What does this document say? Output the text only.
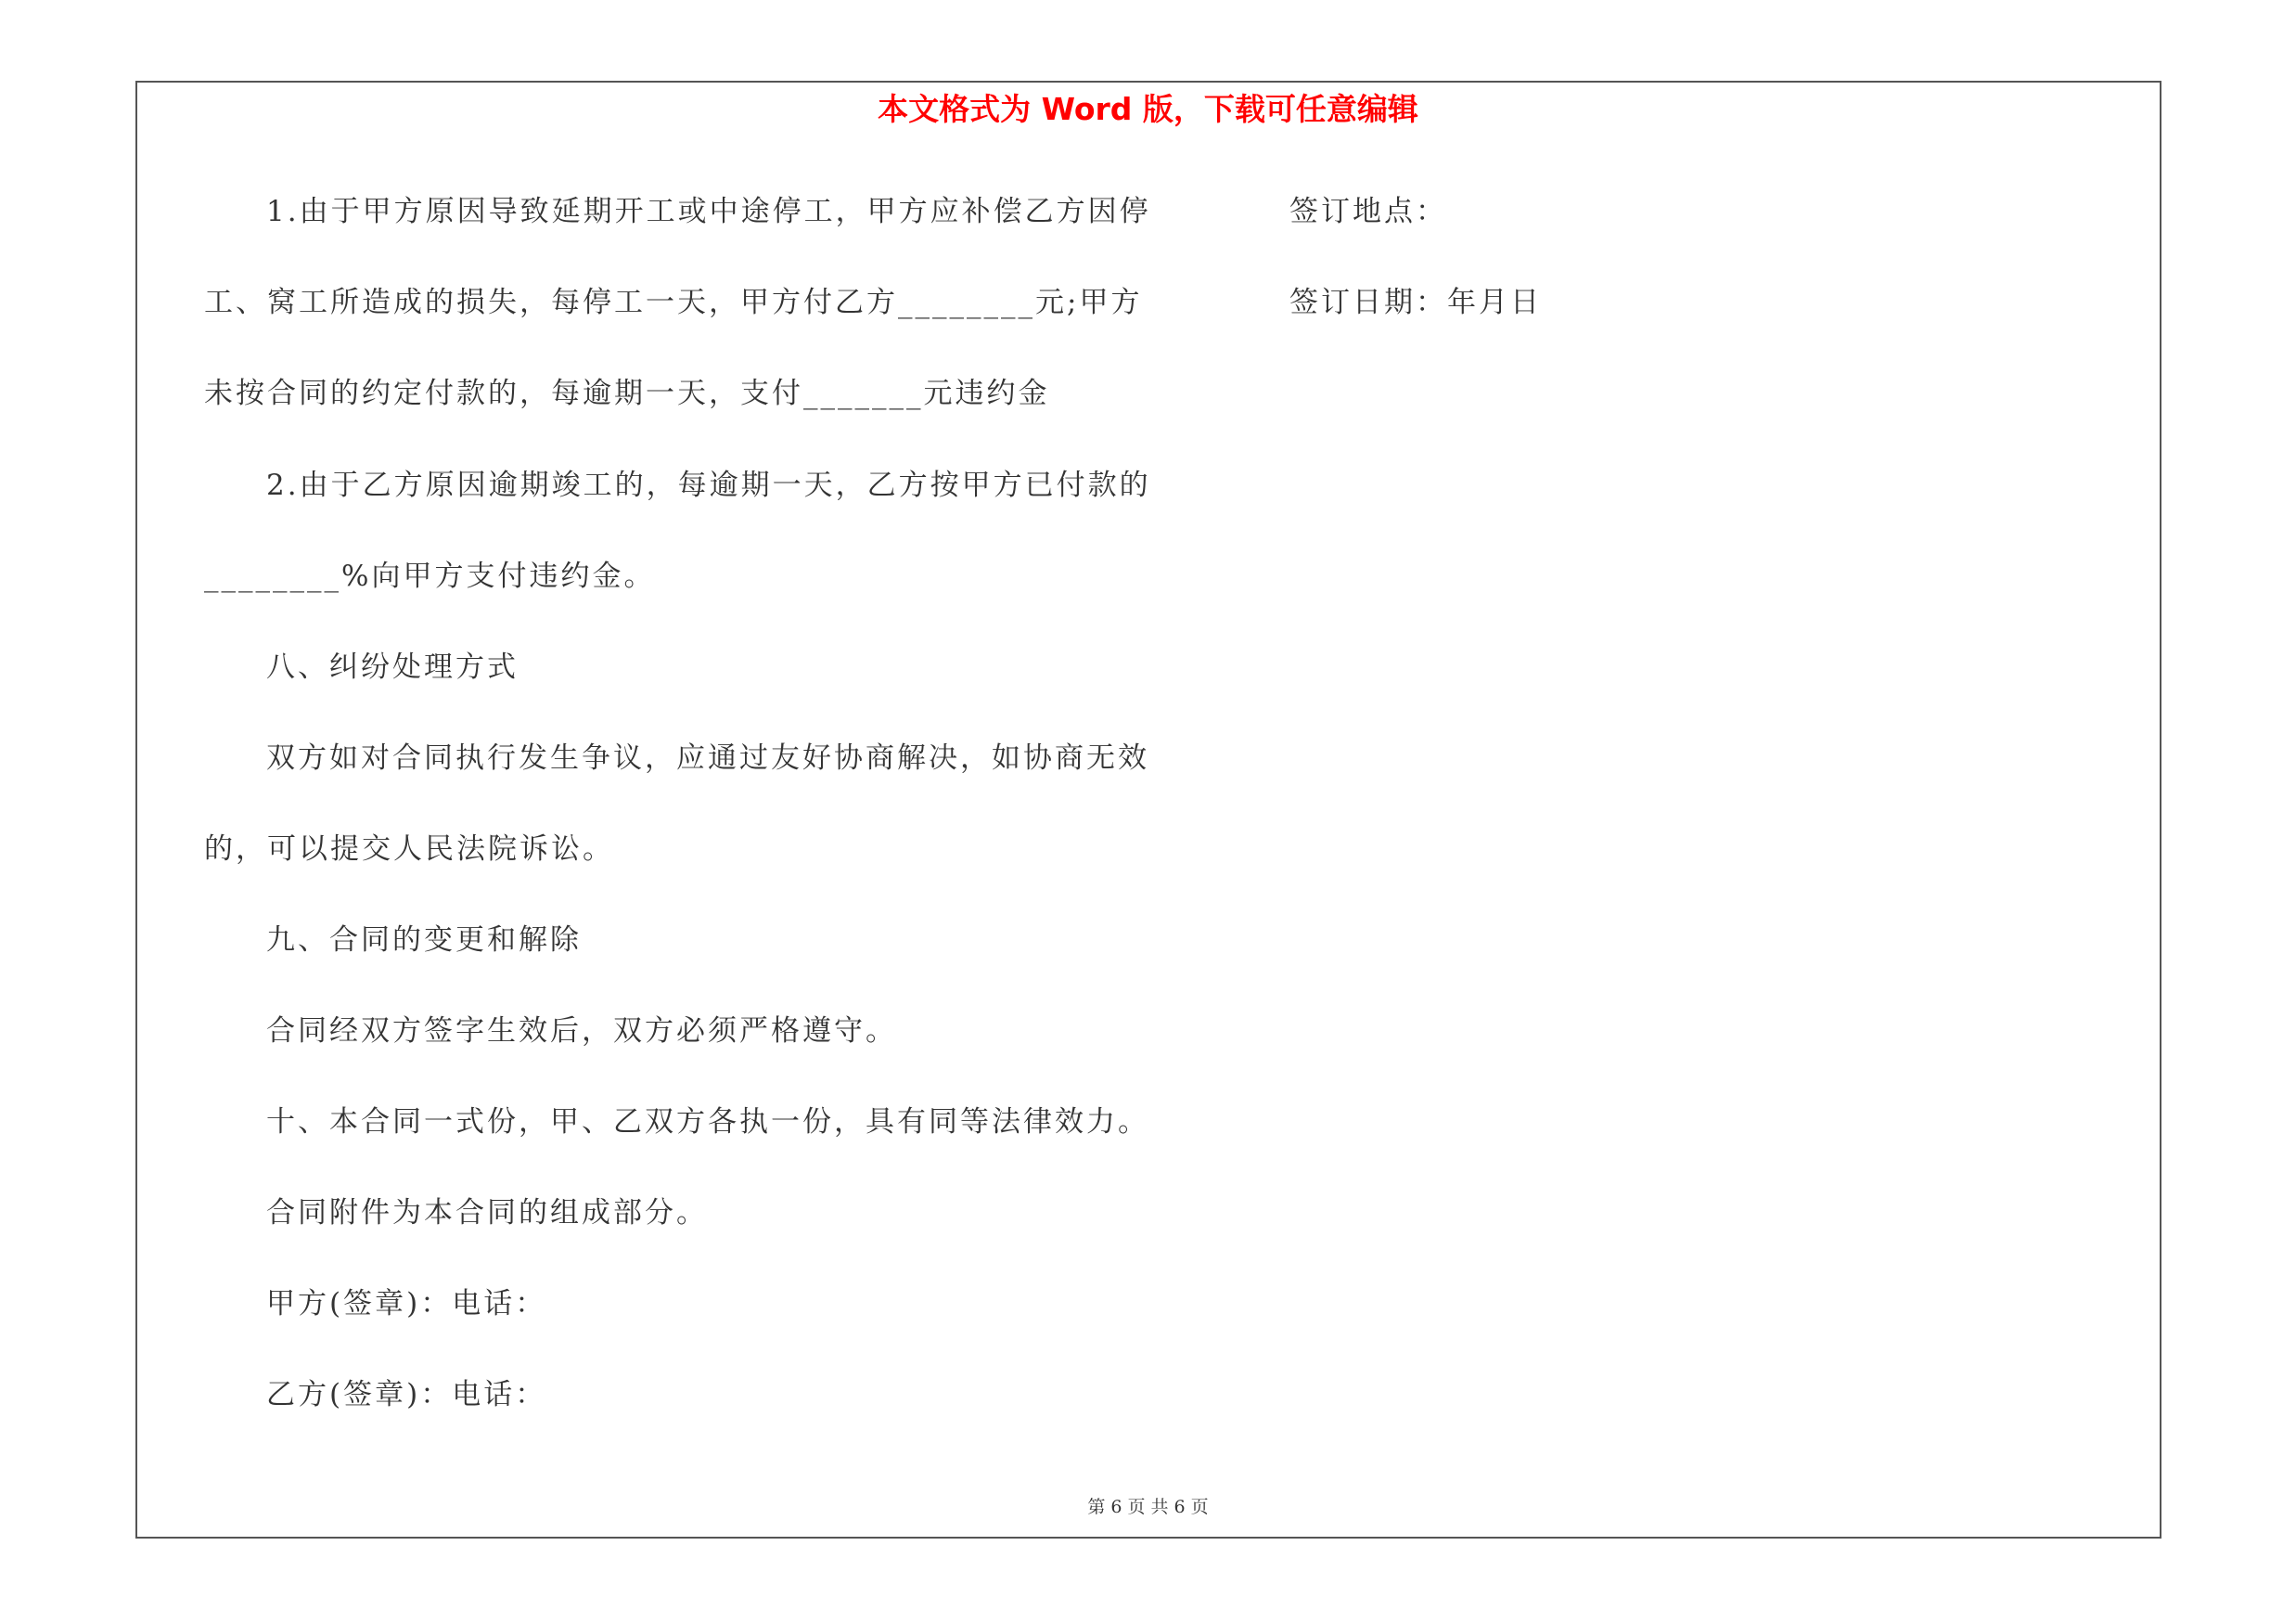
本文格式为 Word 版，下载可任意编辑
1.由于甲方原因导致延期开工或中途停工，甲方应补偿乙方因停
工、窝工所造成的损失，每停工一天，甲方付乙方________元;甲方
未按合同的约定付款的，每逾期一天，支付_______元违约金
2.由于乙方原因逾期竣工的，每逾期一天，乙方按甲方已付款的
________%向甲方支付违约金。
八、纠纷处理方式
双方如对合同执行发生争议，应通过友好协商解决，如协商无效
的，可以提交人民法院诉讼。
九、合同的变更和解除
合同经双方签字生效后，双方必须严格遵守。
十、本合同一式份，甲、乙双方各执一份，具有同等法律效力。
合同附件为本合同的组成部分。
甲方(签章)：电话：
乙方(签章)：电话：
签订地点：
签订日期：年月日
第 6 页 共 6 页
